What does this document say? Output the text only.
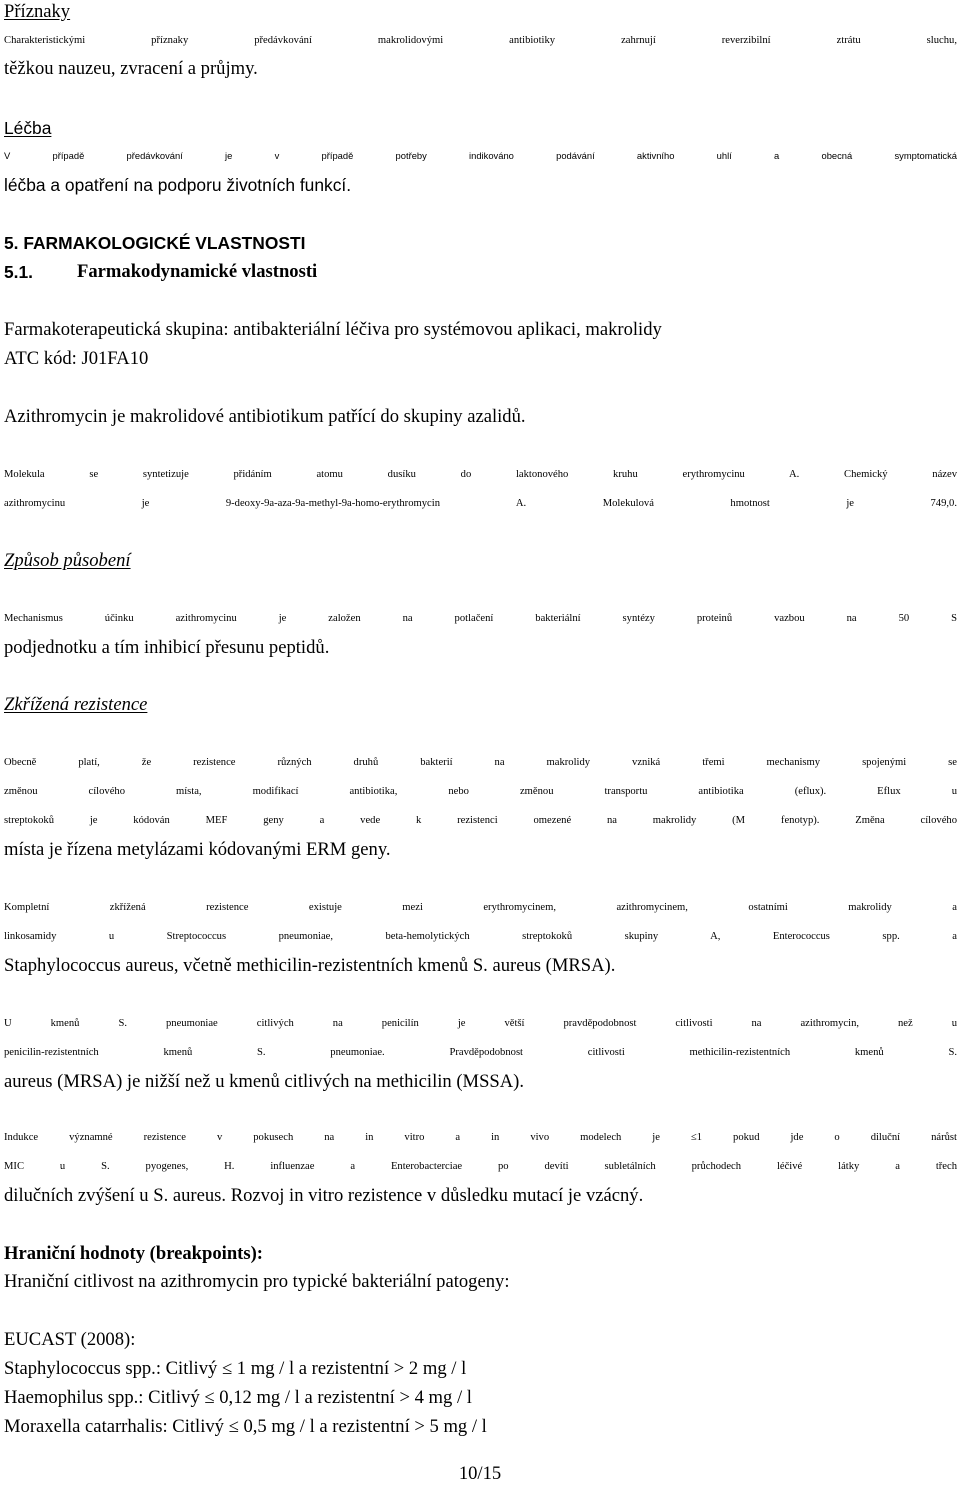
Příznaky
Charakteristickými příznaky předávkování makrolidovými antibiotiky zahrnují reverzibilní ztrátu sluchu,
těžkou nauzeu, zvracení a průjmy.
Léčba
V případě předávkování je v případě potřeby indikováno podávání aktivního uhlí a obecná symptomatická
léčba a opatření na podporu životních funkcí.
5. FARMAKOLOGICKÉ VLASTNOSTI
5.1. Farmakodynamické vlastnosti
Farmakoterapeutická skupina: antibakteriální léčiva pro systémovou aplikaci, makrolidy
ATC kód: J01FA10
Azithromycin je makrolidové antibiotikum patřící do skupiny azalidů.
Molekula se syntetizuje přidáním atomu dusíku do laktonového kruhu erythromycinu A. Chemický název
azithromycinu je 9-deoxy-9a-aza-9a-methyl-9a-homo-erythromycin A. Molekulová hmotnost je 749,0.
Způsob působení
Mechanismus účinku azithromycinu je založen na potlačení bakteriální syntézy proteinů vazbou na 50 S
podjednotku a tím inhibicí přesunu peptidů.
Zkřížená rezistence
Obecně platí, že rezistence různých druhů bakterií na makrolidy vzniká třemi mechanismy spojenými se
změnou cílového místa, modifikací antibiotika, nebo změnou transportu antibiotika (eflux). Eflux u
streptokoků je kódován MEF geny a vede k rezistenci omezené na makrolidy (M fenotyp). Změna cílového
místa je řízena metylázami kódovanými ERM geny.
Kompletní zkřížená rezistence existuje mezi erythromycinem, azithromycinem, ostatními makrolidy a
linkosamidy u Streptococcus pneumoniae, beta-hemolytických streptokoků skupiny A, Enterococcus spp. a
Staphylococcus aureus, včetně methicilin-rezistentních kmenů S. aureus (MRSA).
U kmenů S. pneumoniae citlivých na penicilín je větší pravděpodobnost citlivosti na azithromycin, než u
penicilin-rezistentních kmenů S. pneumoniae. Pravděpodobnost citlivosti methicilin-rezistentních kmenů S.
aureus (MRSA) je nižší než u kmenů citlivých na methicilin (MSSA).
Indukce významné rezistence v pokusech na in vitro a in vivo modelech je ≤1 pokud jde o diluční nárůst
MIC u S. pyogenes, H. influenzae a Enterobacterciae po devíti subletálních průchodech léčivé látky a třech
dilučních zvýšení u S. aureus. Rozvoj in vitro rezistence v důsledku mutací je vzácný.
Hraniční hodnoty (breakpoints):
Hraniční citlivost na azithromycin pro typické bakteriální patogeny:
EUCAST (2008):
Staphylococcus spp.: Citlivý ≤ 1 mg / l a rezistentní > 2 mg / l
Haemophilus spp.: Citlivý ≤ 0,12 mg / l a rezistentní > 4 mg / l
Moraxella catarrhalis: Citlivý ≤ 0,5 mg / l a rezistentní > 5 mg / l
10/15
